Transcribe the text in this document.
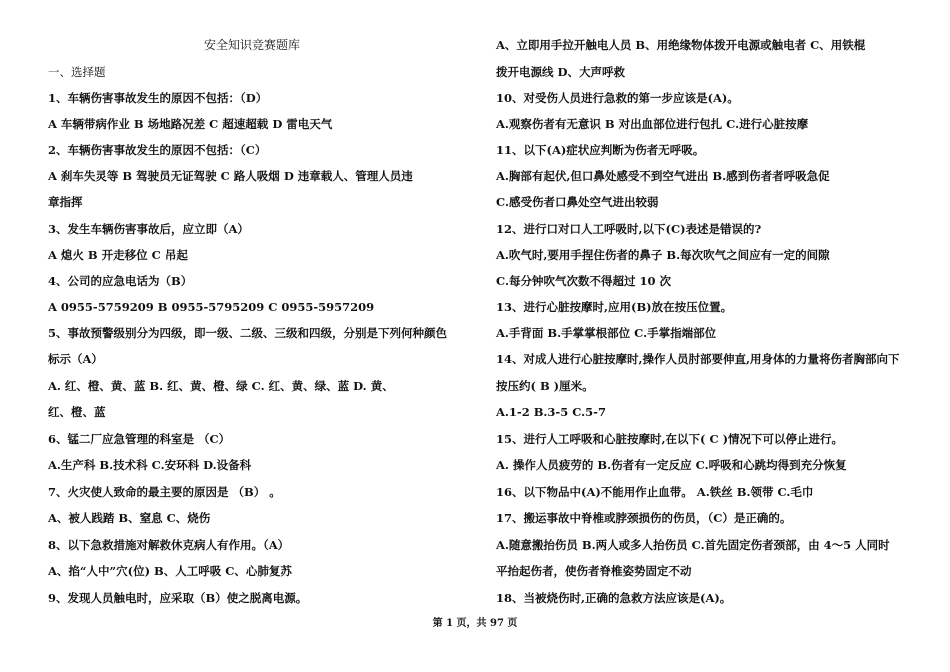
安全知识竞赛题库
一、选择题
1、车辆伤害事故发生的原因不包括：（D）
A 车辆带病作业 B 场地路况差 C 超速超载 D 雷电天气
2、车辆伤害事故发生的原因不包括：（C）
A 刹车失灵等 B 驾驶员无证驾驶 C 路人吸烟 D 违章载人、管理人员违
章指挥
3、发生车辆伤害事故后，应立即（A）
A 熄火 B 开走移位 C 吊起
4、公司的应急电话为（B）
A 0955-5759209 B 0955-5795209 C 0955-5957209
5、事故预警级别分为四级，即一级、二级、三级和四级，分别是下列何种颜色
标示（A）
A. 红、橙、黄、蓝 B. 红、黄、橙、绿 C. 红、黄、绿、蓝 D. 黄、
红、橙、蓝
6、锰二厂应急管理的科室是 （C）
A.生产科 B.技术科 C.安环科 D.设备科
7、火灾使人致命的最主要的原因是 （B） 。
A、被人践踏 B、窒息 C、烧伤
8、以下急救措施对解救休克病人有作用。（A）
A、掐“人中”穴(位) B、人工呼吸 C、心肺复苏
9、发现人员触电时，应采取（B）使之脱离电源。
A、立即用手拉开触电人员 B、用绝缘物体拨开电源或触电者 C、用铁棍
拨开电源线 D、大声呼救
10、对受伤人员进行急救的第一步应该是(A)。
A.观察伤者有无意识 B 对出血部位进行包扎 C.进行心脏按摩
11、以下(A)症状应判断为伤者无呼吸。
A.胸部有起伏,但口鼻处感受不到空气进出 B.感到伤者者呼吸急促
C.感受伤者口鼻处空气进出较弱
12、进行口对口人工呼吸时,以下(C)表述是错误的?
A.吹气时,要用手捏住伤者的鼻子 B.每次吹气之间应有一定的间隙
C.每分钟吹气次数不得超过 10 次
13、进行心脏按摩时,应用(B)放在按压位置。
A.手背面 B.手掌掌根部位 C.手掌指端部位
14、对成人进行心脏按摩时,操作人员肘部要伸直,用身体的力量将伤者胸部向下
按压约( B )厘米。
A.1-2 B.3-5 C.5-7
15、进行人工呼吸和心脏按摩时,在以下( C )情况下可以停止进行。
A. 操作人员疲劳的 B.伤者有一定反应 C.呼吸和心跳均得到充分恢复
16、以下物品中(A)不能用作止血带。 A.铁丝 B.领带 C.毛巾
17、搬运事故中脊椎或脖颈损伤的伤员，（C）是正确的。
A.随意搬抬伤员 B.两人或多人抬伤员 C.首先固定伤者颈部，由 4～5 人同时
平抬起伤者，使伤者脊椎姿势固定不动
18、当被烧伤时,正确的急救方法应该是(A)。
第 1 页，共 97 页
